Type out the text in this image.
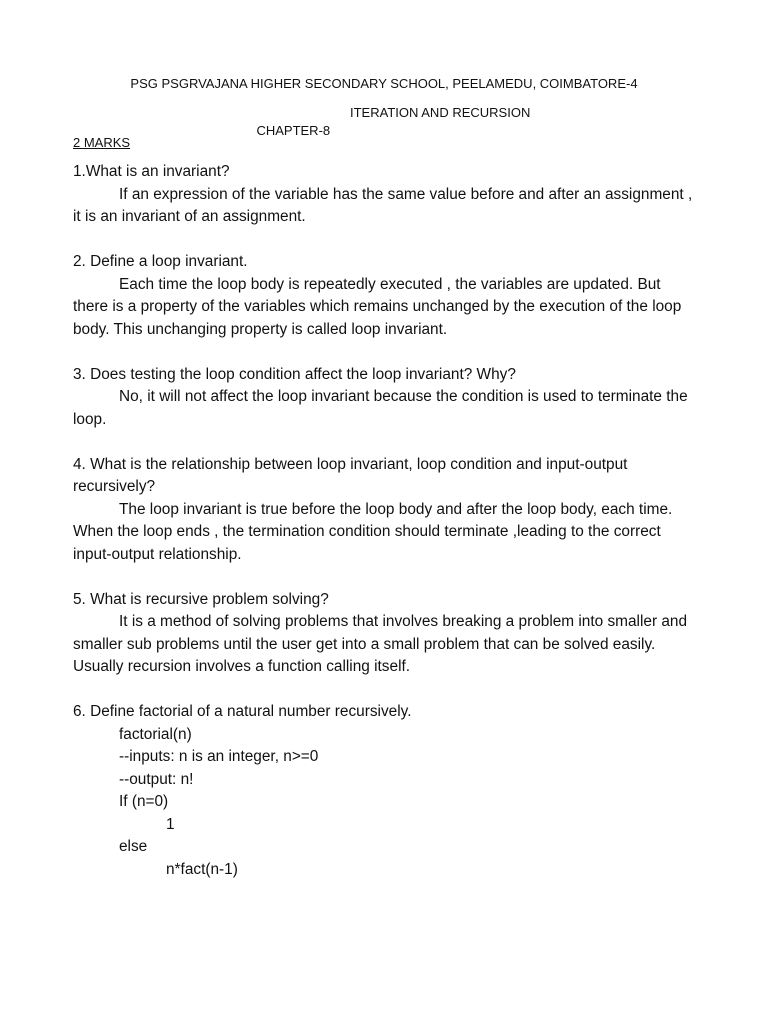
PSG PSGRVAJANA HIGHER SECONDARY SCHOOL, PEELAMEDU, COIMBATORE-4

CHAPTER-8
ITERATION AND RECURSION

2 MARKS

1.What is an invariant?

If an expression of the variable has the same value before and after an assignment , it is an invariant of an assignment.

2. Define a loop invariant.

Each time the loop body is repeatedly executed , the variables are updated. But there is a property of the variables which remains unchanged by the execution of the loop body. This unchanging property is called loop invariant.

3. Does testing the loop condition affect the loop invariant? Why?

No, it will not affect the loop invariant because the condition is used to terminate the loop.

4. What is the relationship between loop invariant, loop condition and input-output recursively?

The loop invariant is true before the loop body and after the loop body, each time. When the loop ends , the termination condition should terminate ,leading to the correct input-output relationship.

5. What is recursive problem solving?

It is a method of solving problems that involves breaking a problem into smaller and smaller sub problems until the user get into a small problem that can be solved easily. Usually recursion involves a function calling itself.

6. Define factorial of a natural number recursively.

factorial(n)

--inputs: n is an integer, n>=0

--output: n!

If (n=0)

1

else

n*fact(n-1)
